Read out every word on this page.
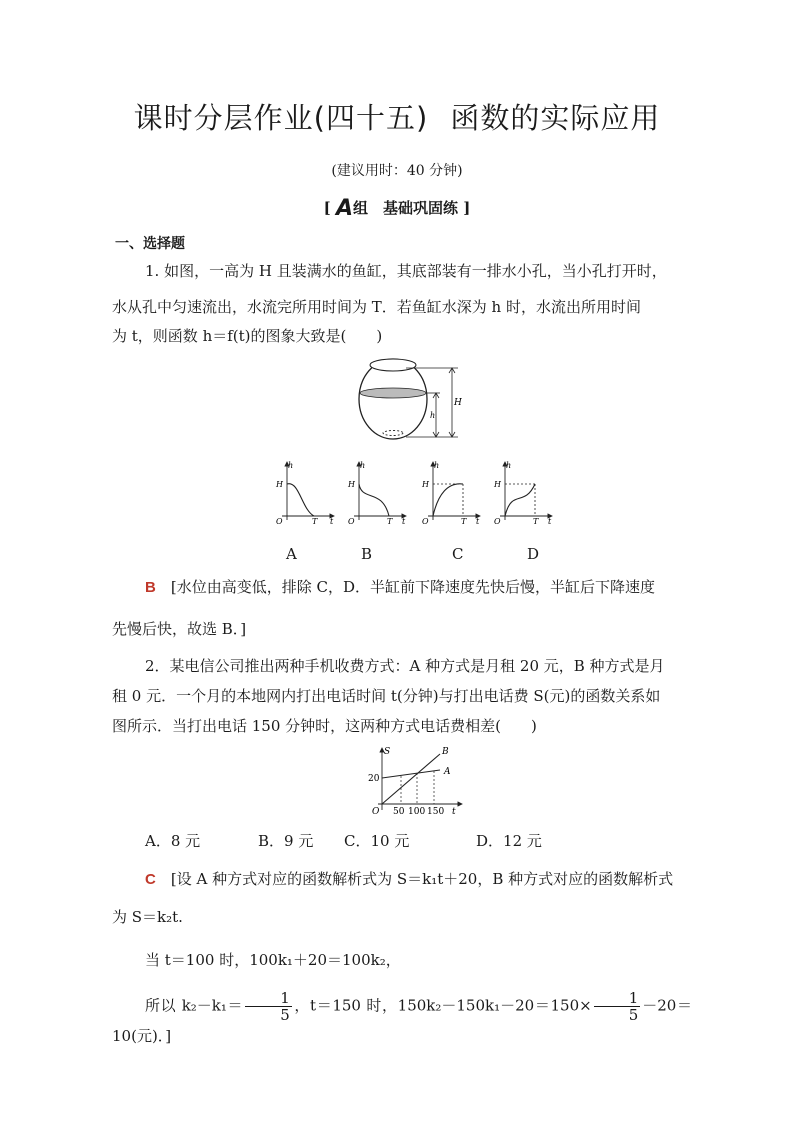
课时分层作业(四十五) 函数的实际应用
(建议用时：40 分钟)
[ A组　基础巩固练 ]
一、选择题
1. 如图，一高为 H 且装满水的鱼缸，其底部装有一排水小孔，当小孔打开时，
水从孔中匀速流出，水流完所用时间为 T．若鱼缸水深为 h 时，水流出所用时间
为 t，则函数 h＝f(t)的图象大致是(　　)
H
h
h
H
O	T t
h
H
O	T t
h
H
O	T t
h
H
O	T t
A	B	C	D
B　 [水位由高变低，排除 C，D．半缸前下降速度先快后慢，半缸后下降速度
先慢后快，故选 B．]
2．某电信公司推出两种手机收费方式：A 种方式是月租 20 元，B 种方式是月
租 0 元．一个月的本地网内打出电话时间 t(分钟)与打出电话费 S(元)的函数关系如
图所示．当打出电话 150 分钟时，这两种方式电话费相差(　　)
S	B
A
20
O 50 100 150 t
A．8 元	B．9 元 C．10 元	D．12 元
C　 [设 A 种方式对应的函数解析式为 S＝k₁t＋20，B 种方式对应的函数解析式
为 S＝k₂t.
当 t＝100 时，100k₁＋20＝100k₂，
所以 $k_2-k_1= \frac{1}{5}$ ，t＝150 时，$150k_2-150k_1-20=150\times \frac{1}{5} -20=10$(元)．]
